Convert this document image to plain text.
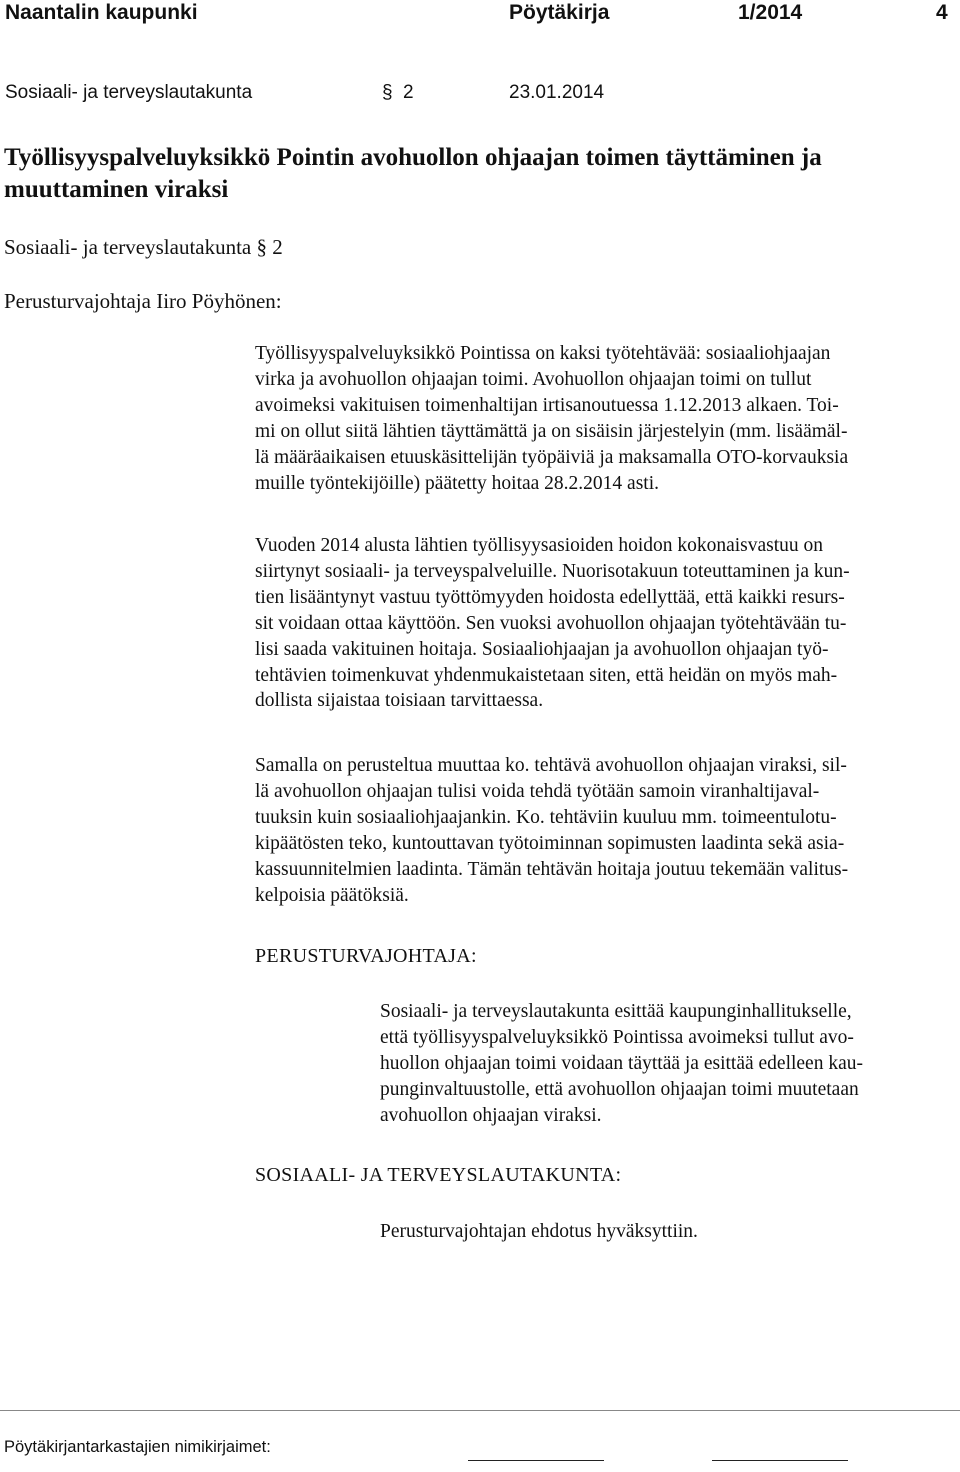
Naantalin kaupunki	Pöytäkirja	1/2014	4
Sosiaali- ja terveyslautakunta	§ 2	23.01.2014
Työllisyyspalveluyksikkö Pointin avohuollon ohjaajan toimen täyttäminen ja
muuttaminen viraksi
Sosiaali- ja terveyslautakunta § 2
Perusturvajohtaja Iiro Pöyhönen:

Työllisyyspalveluyksikkö Pointissa on kaksi työtehtävää: sosiaaliohjaajan

virka ja avohuollon ohjaajan toimi. Avohuollon ohjaajan toimi on tullut

avoimeksi vakituisen toimenhaltijan irtisanoutuessa 1.12.2013 alkaen. Toi-

mi on ollut siitä lähtien täyttämättä ja on sisäisin järjestelyin (mm. lisäämäl-

lä määräaikaisen etuuskäsittelijän työpäiviä ja maksamalla OTO-korvauksia

muille työntekijöille) päätetty hoitaa 28.2.2014 asti.

Vuoden 2014 alusta lähtien työllisyysasioiden hoidon kokonaisvastuu on

siirtynyt sosiaali- ja terveyspalveluille. Nuorisotakuun toteuttaminen ja kun-

tien lisääntynyt vastuu työttömyyden hoidosta edellyttää, että kaikki resurs-

sit voidaan ottaa käyttöön. Sen vuoksi avohuollon ohjaajan työtehtävään tu-

lisi saada vakituinen hoitaja. Sosiaaliohjaajan ja avohuollon ohjaajan työ-

tehtävien toimenkuvat yhdenmukaistetaan siten, että heidän on myös mah-

dollista sijaistaa toisiaan tarvittaessa.

Samalla on perusteltua muuttaa ko. tehtävä avohuollon ohjaajan viraksi, sil-

lä avohuollon ohjaajan tulisi voida tehdä työtään samoin viranhaltijaval-

tuuksin kuin sosiaaliohjaajankin. Ko. tehtäviin kuuluu mm. toimeentulotu-

kipäätösten teko, kuntouttavan työtoiminnan sopimusten laadinta sekä asia-

kassuunnitelmien laadinta. Tämän tehtävän hoitaja joutuu tekemään valitus-

kelpoisia päätöksiä.

PERUSTURVAJOHTAJA:

Sosiaali- ja terveyslautakunta esittää kaupunginhallitukselle,

että työllisyyspalveluyksikkö Pointissa avoimeksi tullut avo-

huollon ohjaajan toimi voidaan täyttää ja esittää edelleen kau-

punginvaltuustolle, että avohuollon ohjaajan toimi muutetaan

avohuollon ohjaajan viraksi.

SOSIAALI- JA TERVEYSLAUTAKUNTA:
Perusturvajohtajan ehdotus hyväksyttiin.
Pöytäkirjantarkastajien nimikirjaimet:
